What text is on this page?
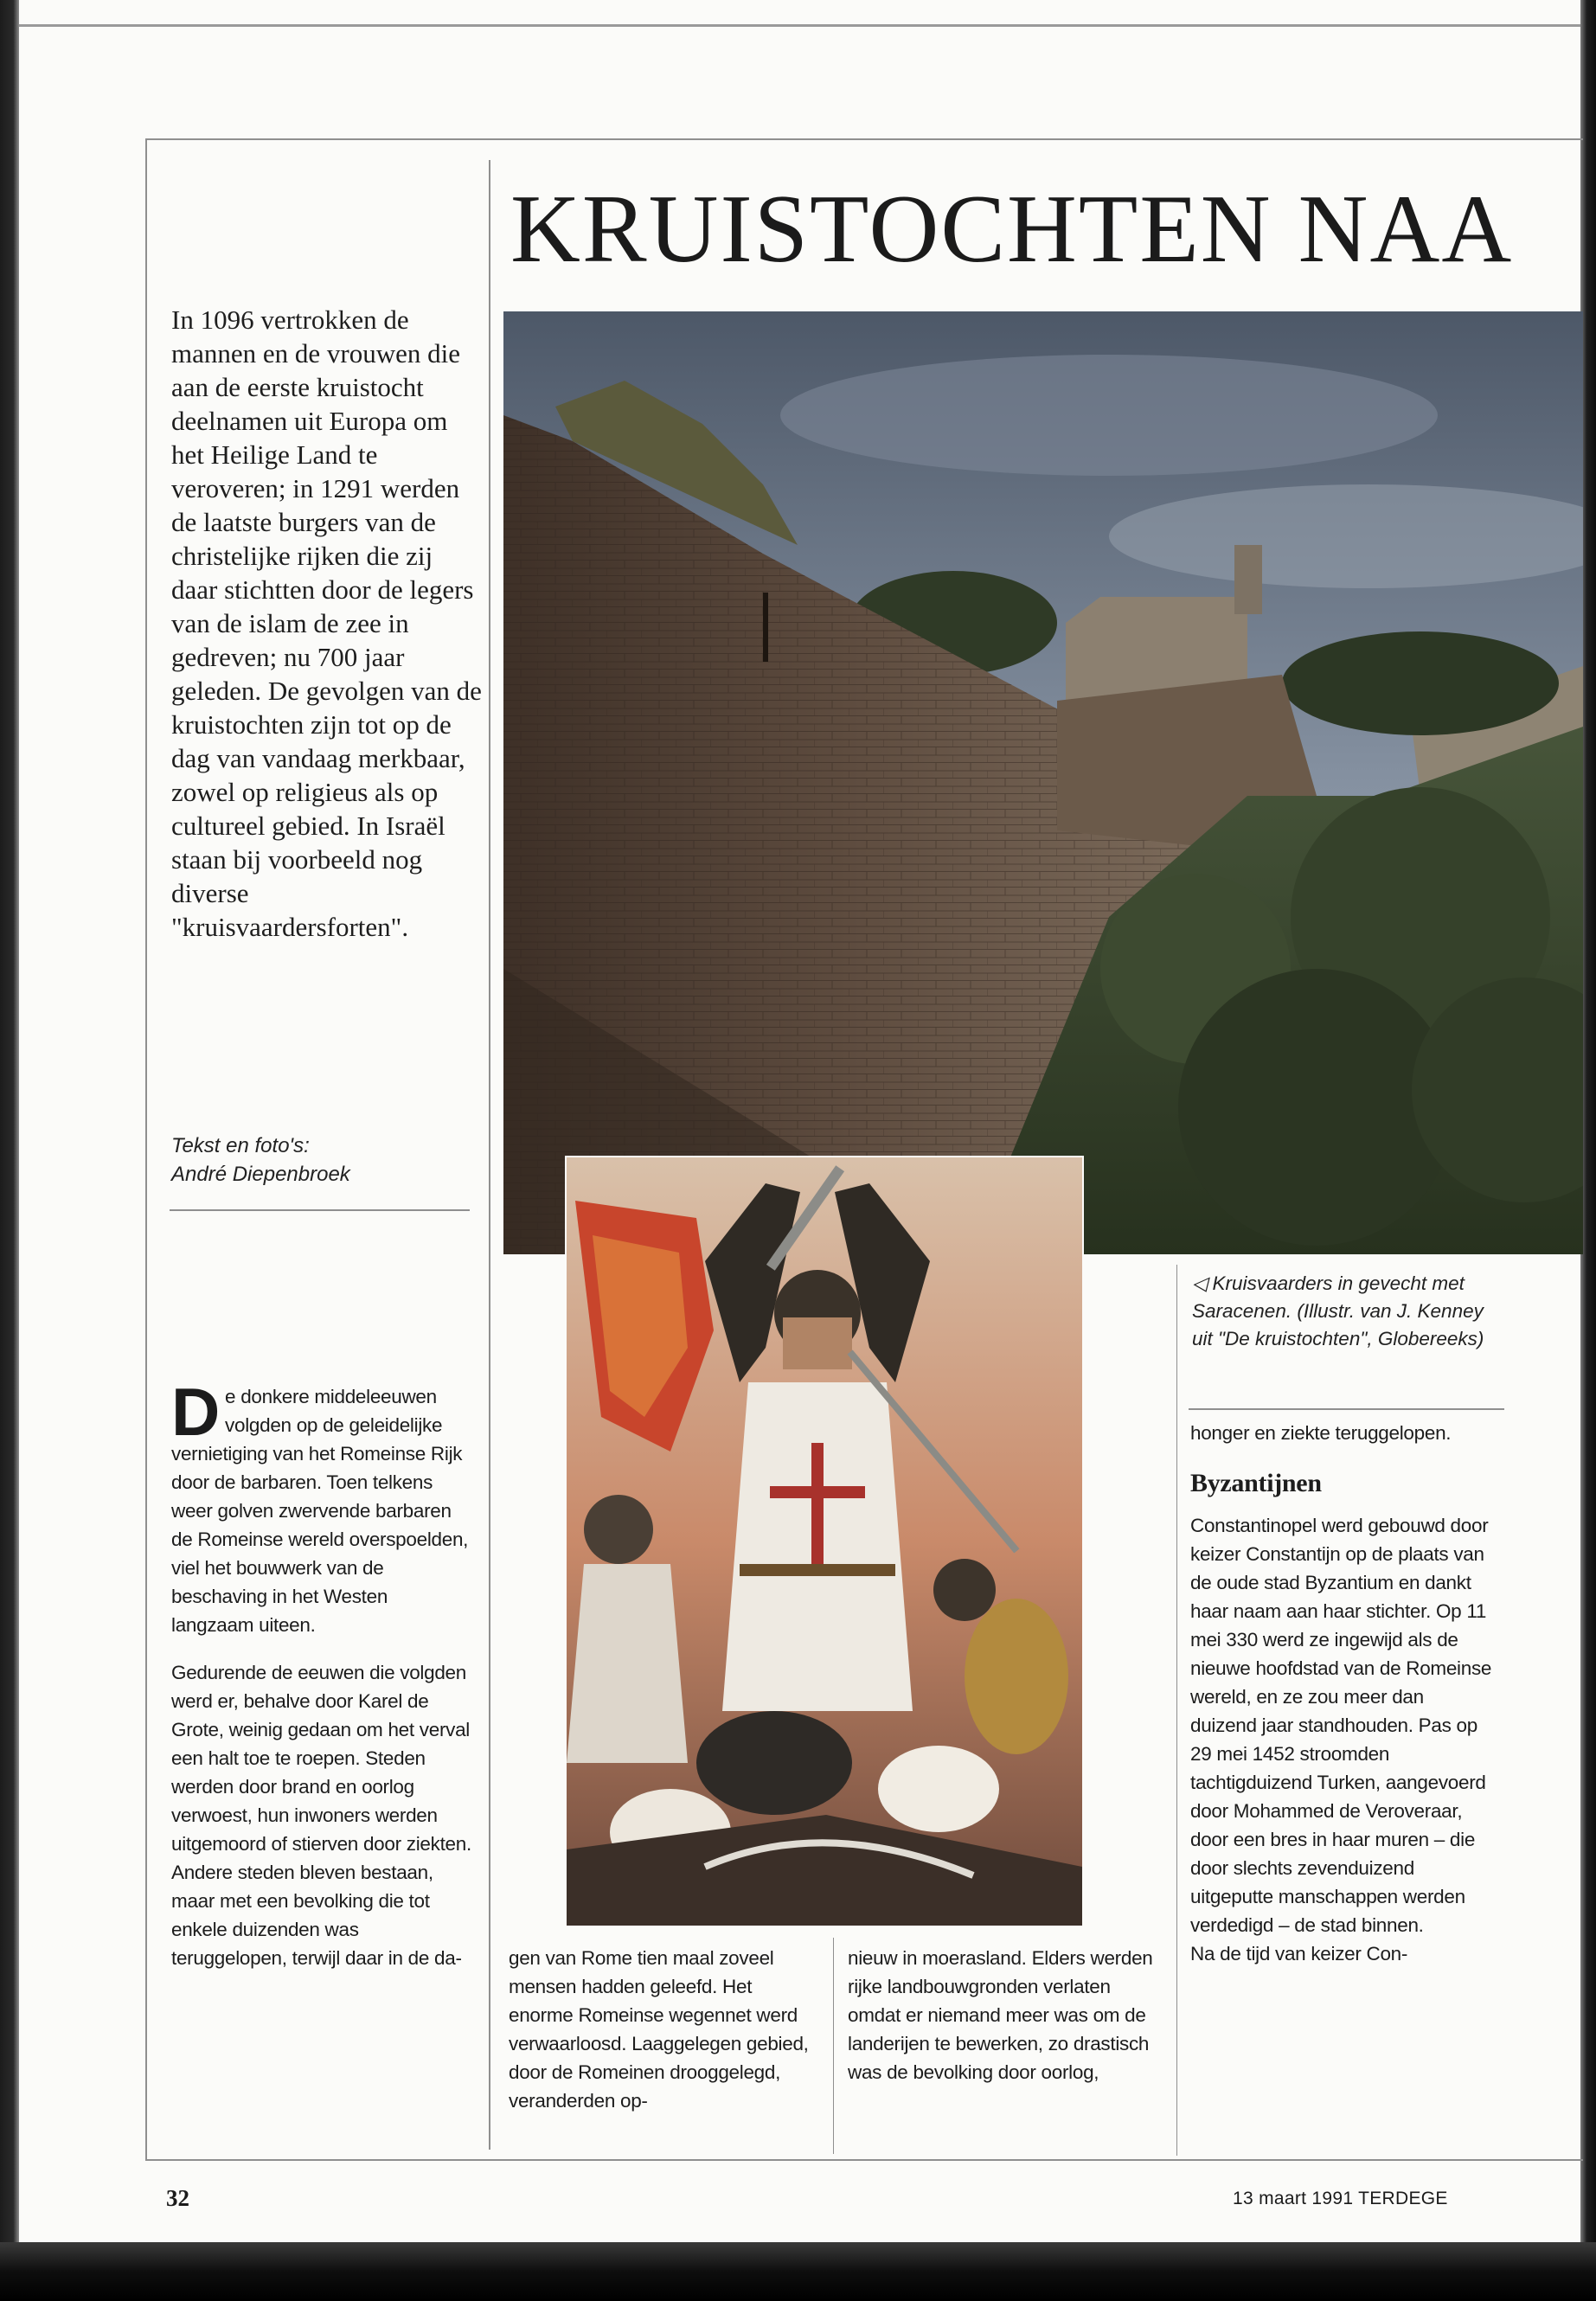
KRUISTOCHTEN NAA
In 1096 vertrokken de mannen en de vrouwen die aan de eerste kruistocht deelnamen uit Europa om het Heilige Land te veroveren; in 1291 werden de laatste burgers van de christelijke rijken die zij daar stichtten door de legers van de islam de zee in gedreven; nu 700 jaar geleden. De gevolgen van de kruistochten zijn tot op de dag van vandaag merkbaar, zowel op religieus als op cultureel gebied. In Israël staan bij voorbeeld nog diverse "kruisvaardersforten".
Tekst en foto's:
André Diepenbroek
◁ Kruisvaarders in gevecht met Saracenen. (Illustr. van J. Kenney uit "De kruistochten", Globereeks)

De donkere middeleeuwen volgden op de geleidelijke vernietiging van het Romeinse Rijk door de barbaren. Toen telkens weer golven zwervende barbaren de Romeinse wereld overspoelden, viel het bouwwerk van de beschaving in het Westen langzaam uiteen.

Gedurende de eeuwen die volgden werd er, behalve door Karel de Grote, weinig gedaan om het verval een halt toe te roepen. Steden werden door brand en oorlog verwoest, hun inwoners werden uitgemoord of stierven door ziekten. Andere steden bleven bestaan, maar met een bevolking die tot enkele duizenden was teruggelopen, terwijl daar in de da-	gen van Rome tien maal zoveel mensen hadden geleefd. Het enorme Romeinse wegennet werd verwaarloosd. Laaggelegen gebied, door de Romeinen drooggelegd, veranderden op-

nieuw in moerasland. Elders werden rijke landbouwgronden verlaten omdat er niemand meer was om de landerijen te bewerken, zo drastisch was de bevolking door oorlog,

honger en ziekte teruggelopen.

Byzantijnen

Constantinopel werd gebouwd door keizer Constantijn op de plaats van de oude stad Byzantium en dankt haar naam aan haar stichter. Op 11 mei 330 werd ze ingewijd als de nieuwe hoofdstad van de Romeinse wereld, en ze zou meer dan duizend jaar standhouden. Pas op 29 mei 1452 stroomden tachtigduizend Turken, aangevoerd door Mohammed de Veroveraar, door een bres in haar muren – die door slechts zevenduizend uitgeputte manschappen werden verdedigd – de stad binnen.

Na de tijd van keizer Con-

32	13 maart 1991 TERDEGE
